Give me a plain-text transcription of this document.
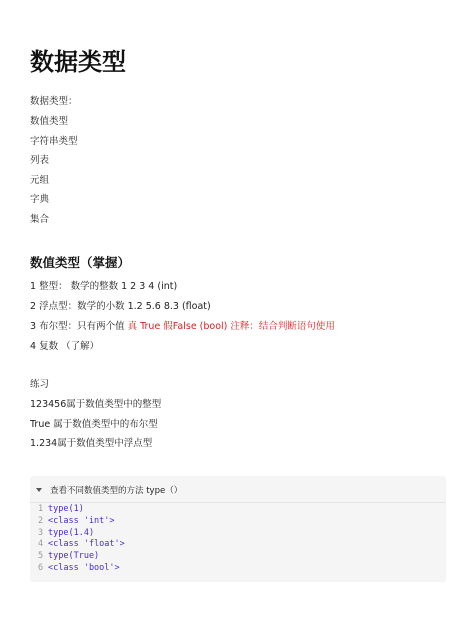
数据类型
数据类型：
数值类型
字符串类型
列表
元组
字典
集合
数值类型（掌握）
1 整型： 数学的整数 1 2 3 4 (int)
2 浮点型：数学的小数 1.2 5.6 8.3 (float)
3 布尔型：只有两个值 真 True 假False (bool) 注释：结合判断语句使用
4 复数 （了解）
练习
123456属于数值类型中的整型
True 属于数值类型中的布尔型
1.234属于数值类型中浮点型
查看不同数值类型的方法 type（）
1 type(1)
2 <class 'int'>
3 type(1.4)
4 <class 'float'>
5 type(True)
6 <class 'bool'>
